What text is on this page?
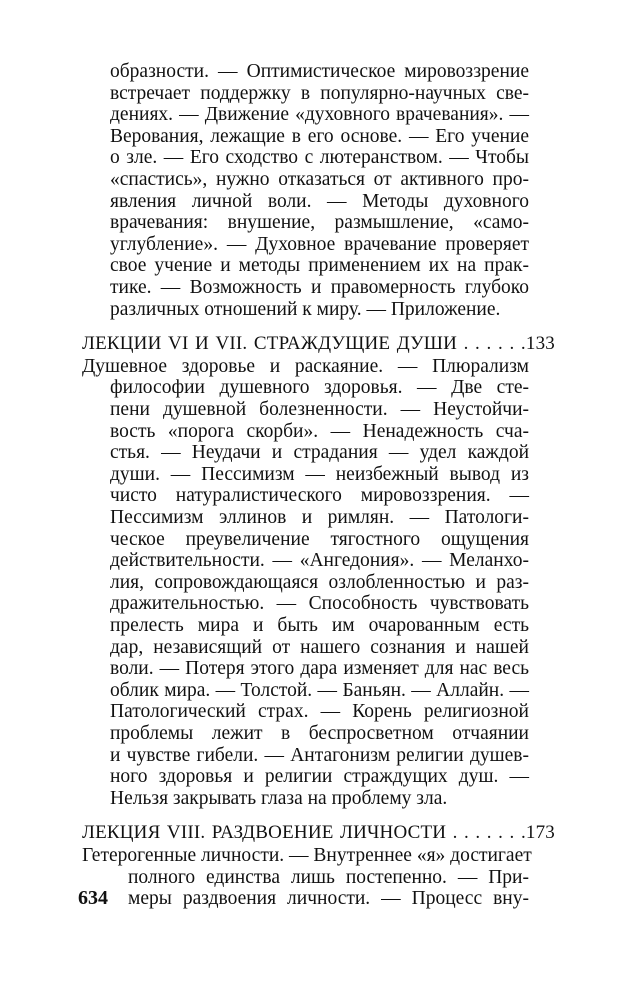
образности. — Оптимистическое мировоззрение
встречает поддержку в популярно-научных све-
дениях. — Движение «духовного врачевания». —
Верования, лежащие в его основе. — Его учение
о зле. — Его сходство с лютеранством. — Чтобы
«спастись», нужно отказаться от активного про-
явления личной воли. — Методы духовного
врачевания: внушение, размышление, «само-
углубление». — Духовное врачевание проверяет
свое учение и методы применением их на прак-
тике. — Возможность и правомерность глубоко
различных отношений к миру. — Приложение.
ЛЕКЦИИ VI И VII. СТРАЖДУЩИЕ ДУШИ . . . . . .133
Душевное здоровье и раскаяние. — Плюрализм
философии душевного здоровья. — Две сте-
пени душевной болезненности. — Неустойчи-
вость «порога скорби». — Ненадежность сча-
стья. — Неудачи и страдания — удел каждой
души. — Пессимизм — неизбежный вывод из
чисто натуралистического мировоззрения. —
Пессимизм эллинов и римлян. — Патологи-
ческое преувеличение тягостного ощущения
действительности. — «Ангедония». — Меланхо-
лия, сопровождающаяся озлобленностью и раз-
дражительностью. — Способность чувствовать
прелесть мира и быть им очарованным есть
дар, независящий от нашего сознания и нашей
воли. — Потеря этого дара изменяет для нас весь
облик мира. — Толстой. — Баньян. — Аллайн. —
Патологический страх. — Корень религиозной
проблемы лежит в беспросветном отчаянии
и чувстве гибели. — Антагонизм религии душев-
ного здоровья и религии страждущих душ. —
Нельзя закрывать глаза на проблему зла.
ЛЕКЦИЯ VIII. РАЗДВОЕНИЕ ЛИЧНОСТИ . . . . . . .173
Гетерогенные личности. — Внутреннее «я» достигает
полного единства лишь постепенно. — При-
меры раздвоения личности. — Процесс вну-
634
